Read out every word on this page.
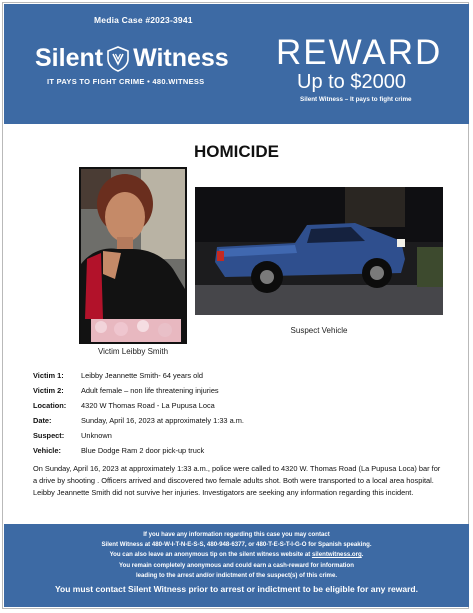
Media Case #2023-3941
Silent Witness
IT PAYS TO FIGHT CRIME • 480.WITNESS
REWARD
Up to $2000
Silent Witness – It pays to fight crime
HOMICIDE
Victim Leibby Smith
Suspect Vehicle
Victim 1:	Leibby Jeannette Smith- 64 years old
Victim 2:	Adult female – non life threatening injuries
Location:	4320 W Thomas Road - La Pupusa Loca
Date:	Sunday, April 16, 2023 at approximately 1:33 a.m.
Suspect:	Unknown
Vehicle:	Blue Dodge Ram 2 door pick-up truck
On Sunday, April 16, 2023 at approximately 1:33 a.m., police were called to 4320 W. Thomas Road (La Pupusa Loca) bar for a drive by shooting . Officers arrived and discovered two female adults shot. Both were transported to a local area hospital. Leibby Jeannette Smith did not survive her injuries. Investigators are seeking any information regarding this incident.
If you have any information regarding this case you may contact
Silent Witness at 480-W-I-T-N-E-S-S, 480-948-6377, or 480-T-E-S-T-I-G-O for Spanish speaking.
You can also leave an anonymous tip on the silent witness website at silentwitness.org.
You remain completely anonymous and could earn a cash-reward for information
leading to the arrest and/or indictment of the suspect(s) of this crime.
You must contact Silent Witness prior to arrest or indictment to be eligible for any reward.
